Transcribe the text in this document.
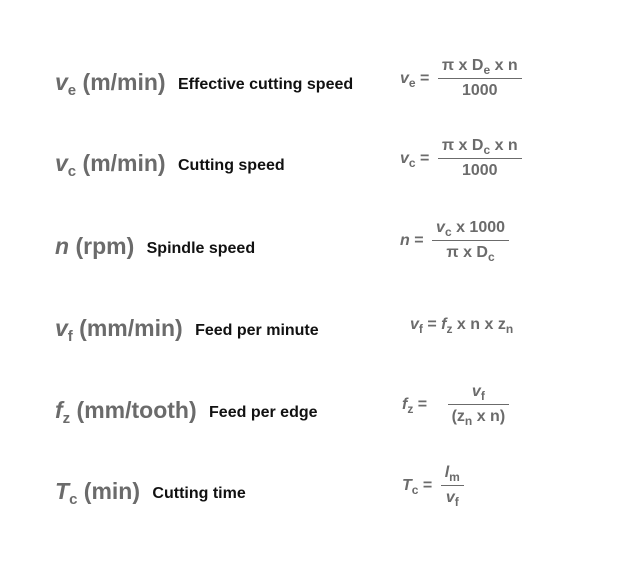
$v_e$ (m/min) Effective cutting speed	$v_e = \frac{\pi x D_e x n}{1000}$
$v_c$ (m/min) Cutting speed	$v_c = \frac{\pi x D_c x n}{1000}$
n (rpm) Spindle speed	$n = \frac{v_c x 1000}{\pi x D_c}$
$v_f$ (mm/min) Feed per minute	$v_f = f_z$ x n x $z_n$
$f_z$ (mm/tooth) Feed per edge	$f_z = \frac{v_f}{(z_n x n)}$
$T_c$ (min) Cutting time	$T_c = \frac{l_m}{v_f}$
